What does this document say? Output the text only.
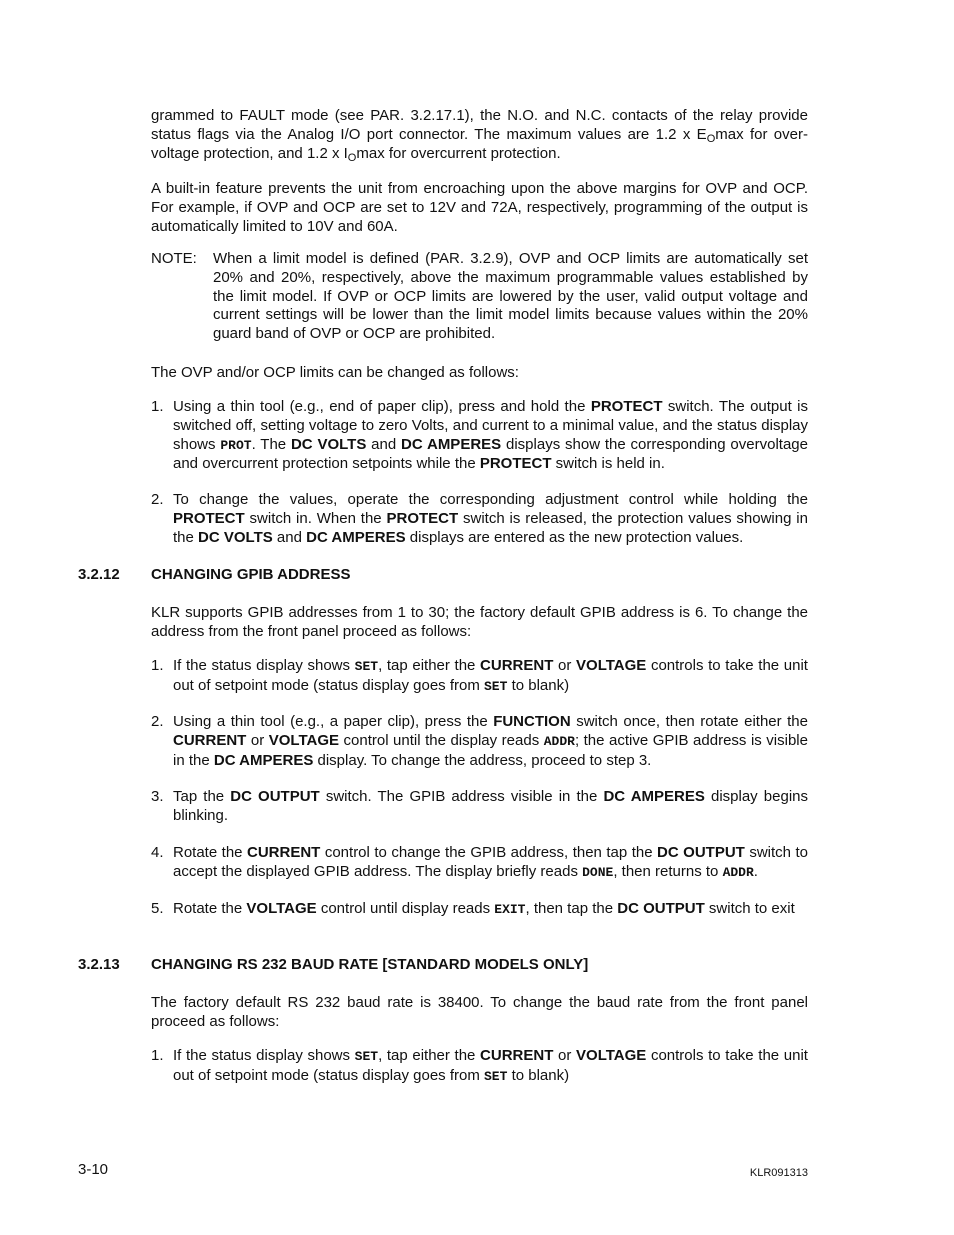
grammed to FAULT mode (see PAR. 3.2.17.1), the N.O. and N.C. contacts of the relay provide status flags via the Analog I/O port connector. The maximum values are 1.2 x $E_O\max$ for over-voltage protection, and 1.2 x $I_O\max$ for overcurrent protection.

A built-in feature prevents the unit from encroaching upon the above margins for OVP and OCP. For example, if OVP and OCP are set to 12V and 72A, respectively, programming of the output is automatically limited to 10V and 60A.

NOTE: When a limit model is defined (PAR. 3.2.9), OVP and OCP limits are automatically set 20% and 20%, respectively, above the maximum programmable values established by the limit model. If OVP or OCP limits are lowered by the user, valid output voltage and current settings will be lower than the limit model limits because values within the 20% guard band of OVP or OCP are prohibited.

The OVP and/or OCP limits can be changed as follows:

1. Using a thin tool (e.g., end of paper clip), press and hold the PROTECT switch. The output is switched off, setting voltage to zero Volts, and current to a minimal value, and the status display shows PROT. The DC VOLTS and DC AMPERES displays show the corresponding overvoltage and overcurrent protection setpoints while the PROTECT switch is held in.
2. To change the values, operate the corresponding adjustment control while holding the PROTECT switch in. When the PROTECT switch is released, the protection values showing in the DC VOLTS and DC AMPERES displays are entered as the new protection values.
3.2.12 CHANGING GPIB ADDRESS

KLR supports GPIB addresses from 1 to 30; the factory default GPIB address is 6. To change the address from the front panel proceed as follows:

1. If the status display shows SET, tap either the CURRENT or VOLTAGE controls to take the unit out of setpoint mode (status display goes from SET to blank)
2. Using a thin tool (e.g., a paper clip), press the FUNCTION switch once, then rotate either the CURRENT or VOLTAGE control until the display reads ADDR; the active GPIB address is visible in the DC AMPERES display. To change the address, proceed to step 3.
3. Tap the DC OUTPUT switch. The GPIB address visible in the DC AMPERES display begins blinking.
4. Rotate the CURRENT control to change the GPIB address, then tap the DC OUTPUT switch to accept the displayed GPIB address. The display briefly reads DONE, then returns to ADDR.
5. Rotate the VOLTAGE control until display reads EXIT, then tap the DC OUTPUT switch to exit
3.2.13 CHANGING RS 232 BAUD RATE [STANDARD MODELS ONLY]

The factory default RS 232 baud rate is 38400. To change the baud rate from the front panel proceed as follows:

1. If the status display shows SET, tap either the CURRENT or VOLTAGE controls to take the unit out of setpoint mode (status display goes from SET to blank)
3-10	KLR091313
